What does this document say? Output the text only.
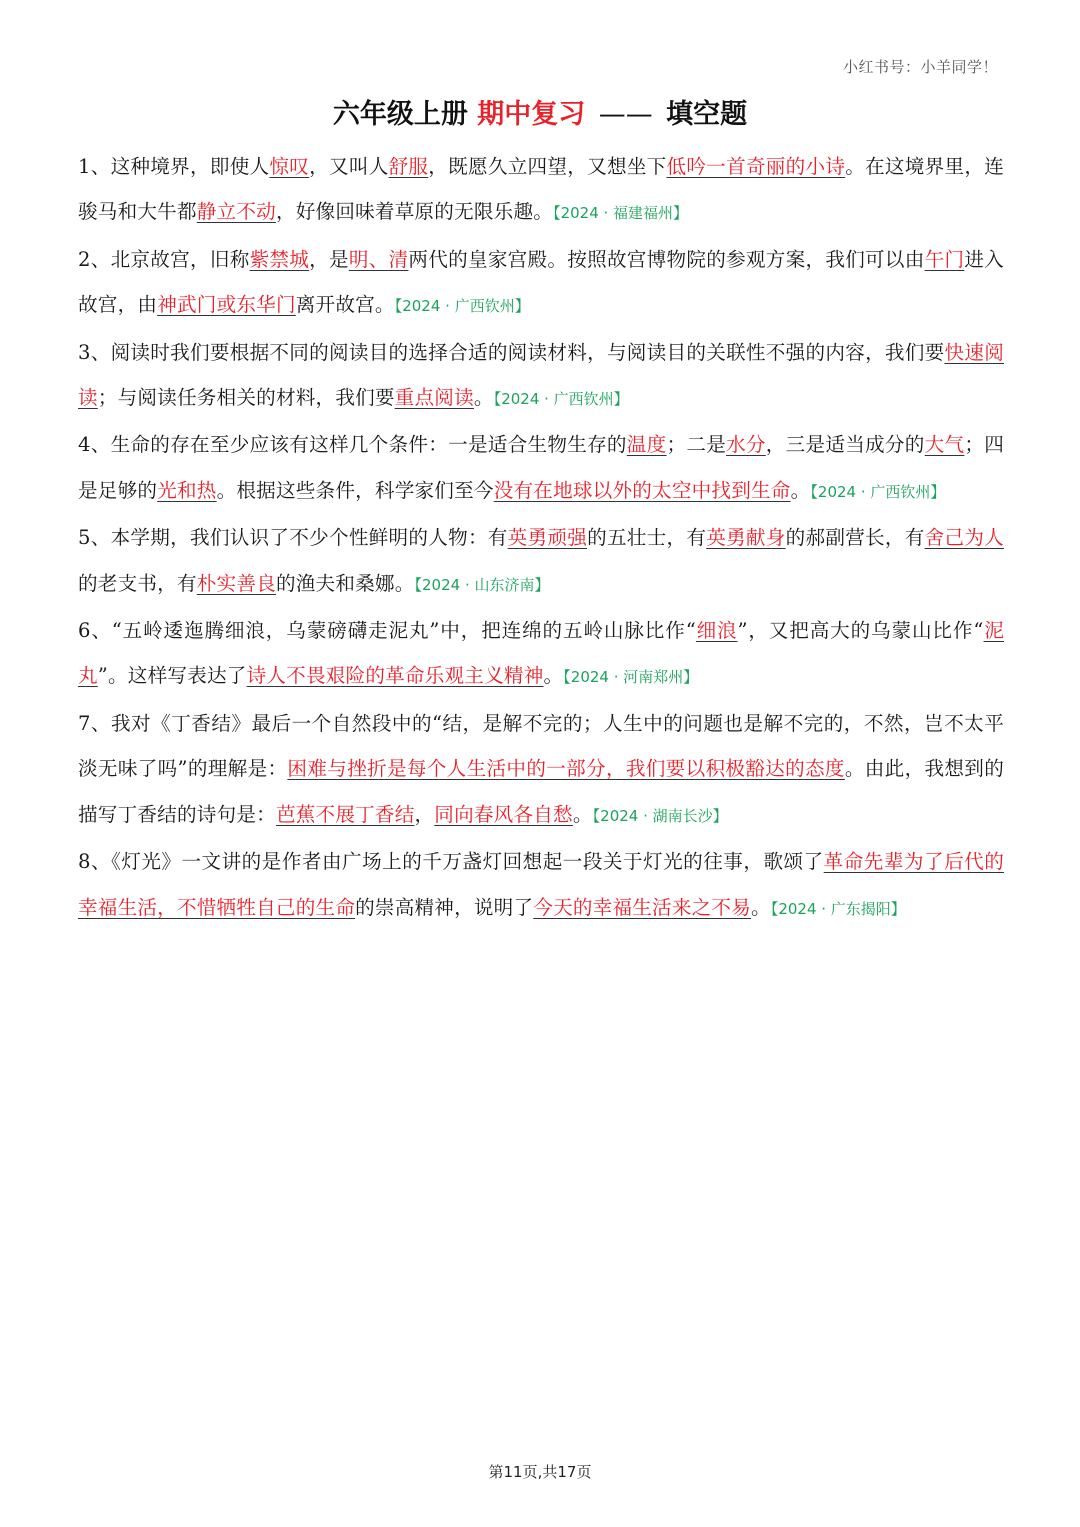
小红书号：小羊同学！
六年级上册 期中复习 —— 填空题

1、这种境界，即使人惊叹，又叫人舒服，既愿久立四望，又想坐下低吟一首奇丽的小诗。在这境界里，连骏马和大牛都静立不动，好像回味着草原的无限乐趣。【2024 · 福建福州】

2、北京故宫，旧称紫禁城，是明、清两代的皇家宫殿。按照故宫博物院的参观方案，我们可以由午门进入故宫，由神武门或东华门离开故宫。【2024 · 广西钦州】

3、阅读时我们要根据不同的阅读目的选择合适的阅读材料，与阅读目的关联性不强的内容，我们要快速阅读；与阅读任务相关的材料，我们要重点阅读。【2024 · 广西钦州】

4、生命的存在至少应该有这样几个条件：一是适合生物生存的温度；二是水分，三是适当成分的大气；四是足够的光和热。根据这些条件，科学家们至今没有在地球以外的太空中找到生命。【2024 · 广西钦州】

5、本学期，我们认识了不少个性鲜明的人物：有英勇顽强的五壮士，有英勇献身的郝副营长，有舍己为人的老支书，有朴实善良的渔夫和桑娜。【2024 · 山东济南】

6、“五岭逶迤腾细浪，乌蒙磅礴走泥丸”中，把连绵的五岭山脉比作“细浪”，又把高大的乌蒙山比作“泥丸”。这样写表达了诗人不畏艰险的革命乐观主义精神。【2024 · 河南郑州】

7、我对《丁香结》最后一个自然段中的“结，是解不完的；人生中的问题也是解不完的，不然，岂不太平淡无味了吗”的理解是：困难与挫折是每个人生活中的一部分，我们要以积极豁达的态度。由此，我想到的描写丁香结的诗句是：芭蕉不展丁香结，同向春风各自愁。【2024 · 湖南长沙】

8、《灯光》一文讲的是作者由广场上的千万盏灯回想起一段关于灯光的往事，歌颂了革命先辈为了后代的幸福生活，不惜牺牲自己的生命的崇高精神，说明了今天的幸福生活来之不易。【2024 · 广东揭阳】

第11页,共17页
